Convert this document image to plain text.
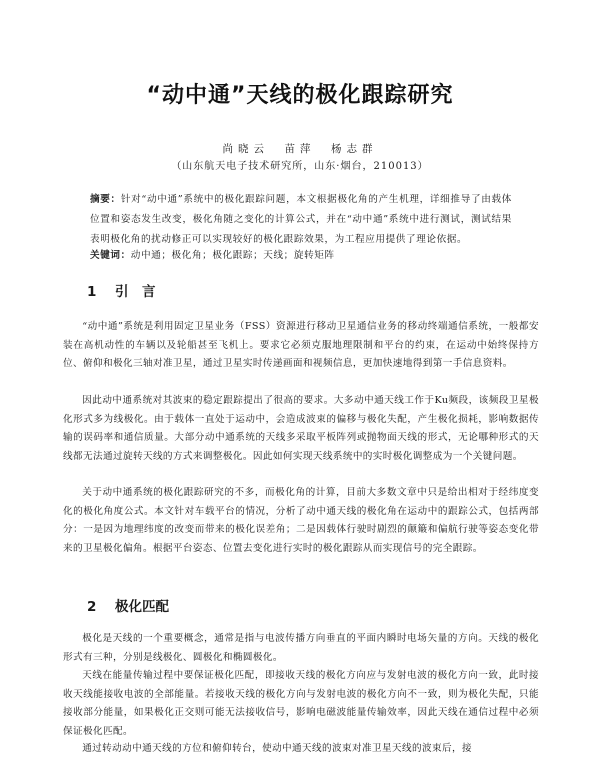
“动中通”天线的极化跟踪研究
尚晓云　苗萍　杨志群
（山东航天电子技术研究所，山东·烟台，210013）
摘要：针对“动中通”系统中的极化跟踪问题，本文根据极化角的产生机理，详细推导了由载体位置和姿态发生改变，极化角随之变化的计算公式，并在“动中通”系统中进行测试，测试结果表明极化角的扰动修正可以实现较好的极化跟踪效果，为工程应用提供了理论依据。
关键词：动中通；极化角；极化跟踪；天线；旋转矩阵
1 引　言

“动中通”系统是利用固定卫星业务（FSS）资源进行移动卫星通信业务的移动终端通信系统，一般都安装在高机动性的车辆以及轮船甚至飞机上。要求它必须克服地理限制和平台的约束，在运动中始终保持方位、俯仰和极化三轴对准卫星，通过卫星实时传递画面和视频信息，更加快速地得到第一手信息资料。

因此动中通系统对其波束的稳定跟踪提出了很高的要求。大多动中通天线工作于Ku频段，该频段卫星极化形式多为线极化。由于载体一直处于运动中，会造成波束的偏移与极化失配，产生极化损耗，影响数据传输的误码率和通信质量。大部分动中通系统的天线多采取平板阵列或抛物面天线的形式，无论哪种形式的天线都无法通过旋转天线的方式来调整极化。因此如何实现天线系统中的实时极化调整成为一个关键问题。

关于动中通系统的极化跟踪研究的不多，而极化角的计算，目前大多数文章中只是给出相对于经纬度变化的极化角度公式。本文针对车载平台的情况，分析了动中通天线的极化角在运动中的跟踪公式，包括两部分：一是因为地理纬度的改变而带来的极化误差角；二是因载体行驶时剧烈的颠簸和偏航行驶等姿态变化带来的卫星极化偏角。根据平台姿态、位置去变化进行实时的极化跟踪从而实现信号的完全跟踪。

2 极化匹配

极化是天线的一个重要概念，通常是指与电波传播方向垂直的平面内瞬时电场矢量的方向。天线的极化形式有三种，分别是线极化、圆极化和椭圆极化。

天线在能量传输过程中要保证极化匹配，即接收天线的极化方向应与发射电波的极化方向一致，此时接收天线能接收电波的全部能量。若接收天线的极化方向与发射电波的极化方向不一致，则为极化失配，只能接收部分能量，如果极化正交则可能无法接收信号，影响电磁波能量传输效率，因此天线在通信过程中必须保证极化匹配。

通过转动动中通天线的方位和俯仰转台，使动中通天线的波束对准卫星天线的波束后，接
